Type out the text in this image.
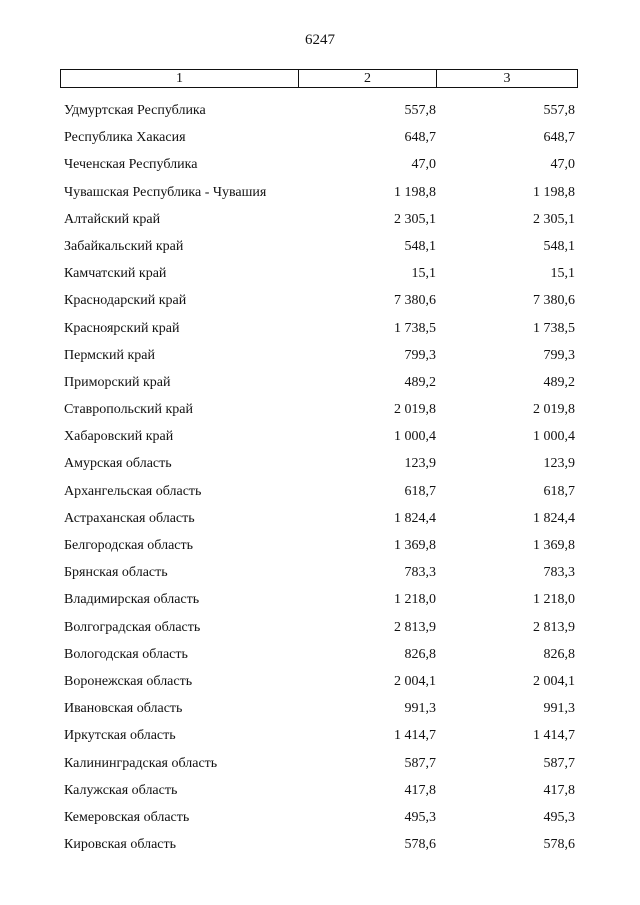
6247
1	2	3
Удмуртская Республика	557,8	557,8
Республика Хакасия	648,7	648,7
Чеченская Республика	47,0	47,0
Чувашская Республика - Чувашия	1 198,8	1 198,8
Алтайский край	2 305,1	2 305,1
Забайкальский край	548,1	548,1
Камчатский край	15,1	15,1
Краснодарский край	7 380,6	7 380,6
Красноярский край	1 738,5	1 738,5
Пермский край	799,3	799,3
Приморский край	489,2	489,2
Ставропольский край	2 019,8	2 019,8
Хабаровский край	1 000,4	1 000,4
Амурская область	123,9	123,9
Архангельская область	618,7	618,7
Астраханская область	1 824,4	1 824,4
Белгородская область	1 369,8	1 369,8
Брянская область	783,3	783,3
Владимирская область	1 218,0	1 218,0
Волгоградская область	2 813,9	2 813,9
Вологодская область	826,8	826,8
Воронежская область	2 004,1	2 004,1
Ивановская область	991,3	991,3
Иркутская область	1 414,7	1 414,7
Калининградская область	587,7	587,7
Калужская область	417,8	417,8
Кемеровская область	495,3	495,3
Кировская область	578,6	578,6
